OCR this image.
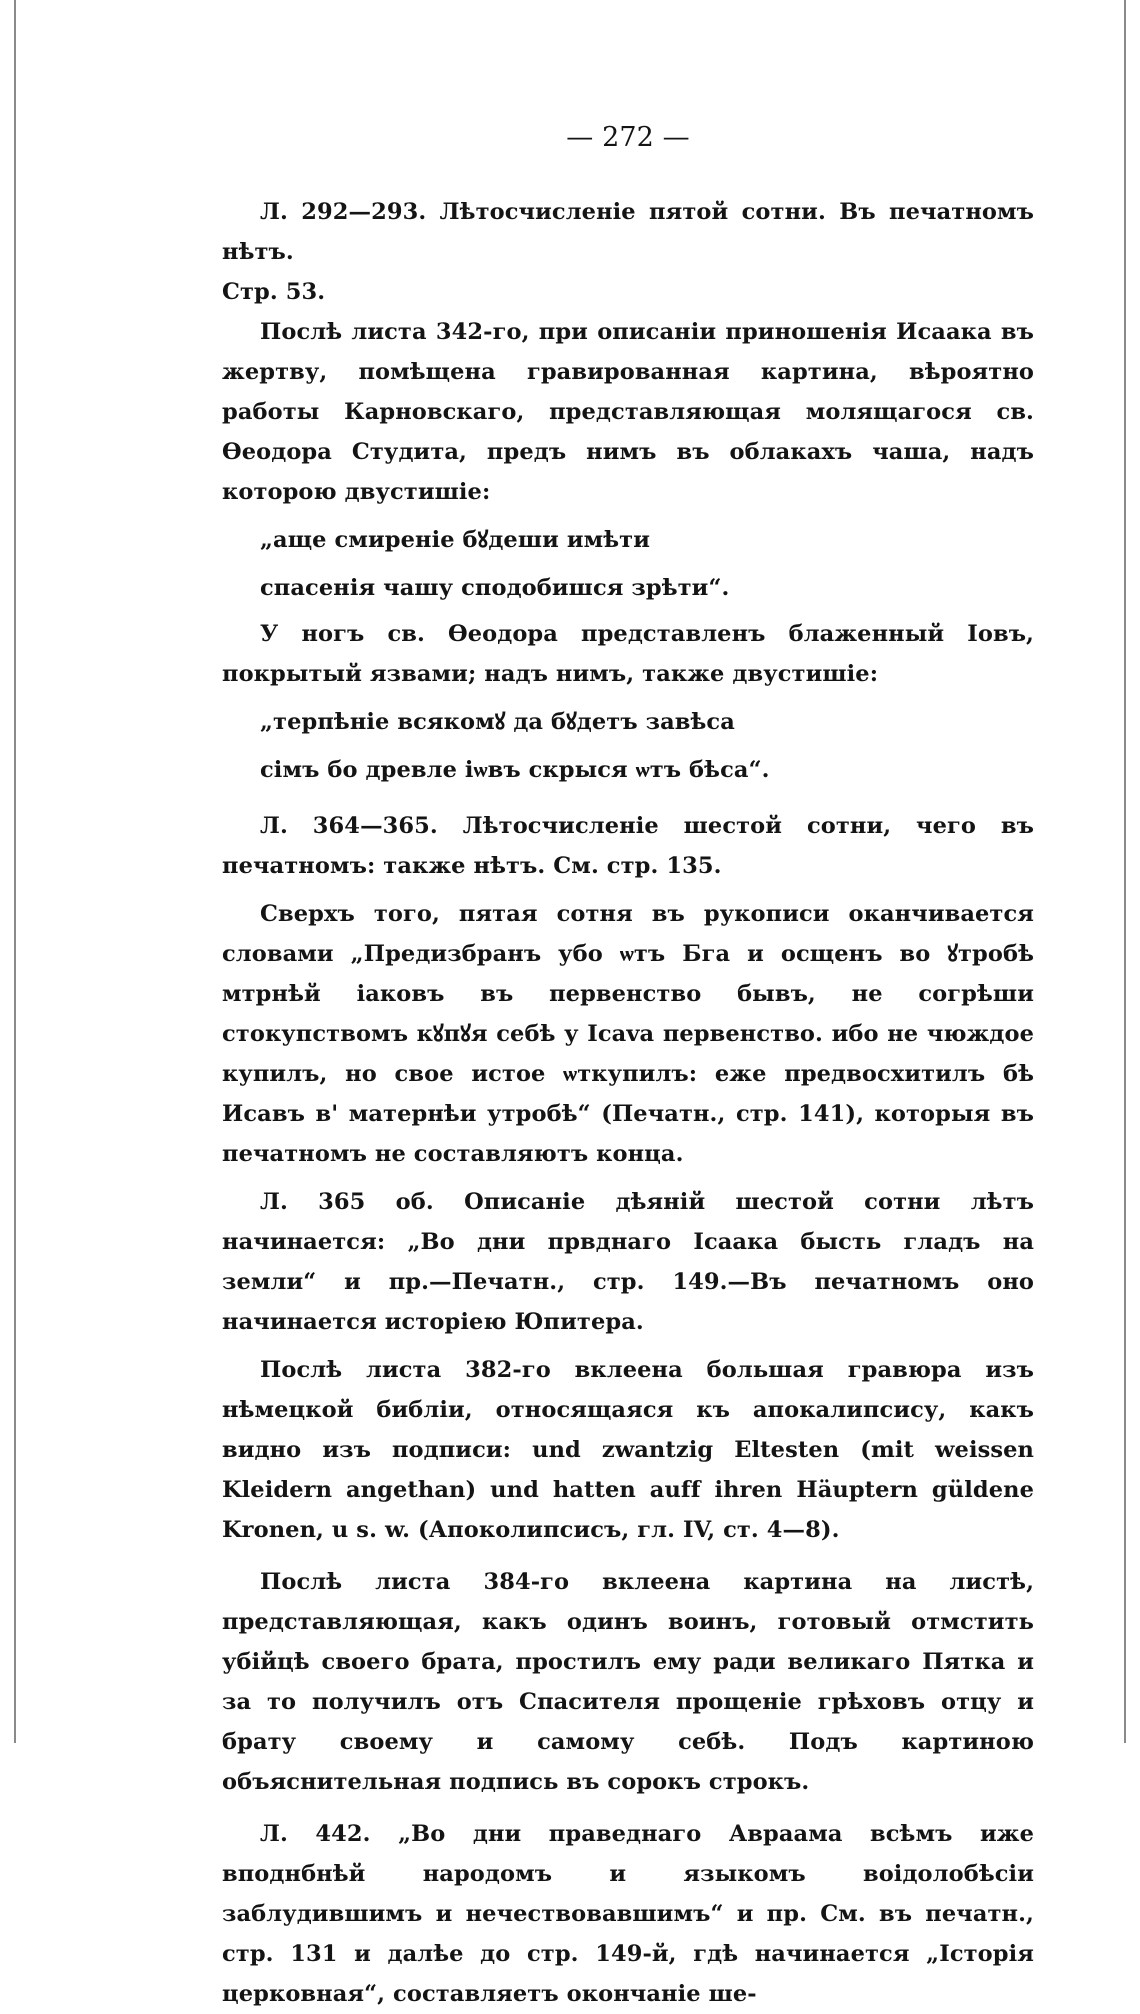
— 272 —

Л. 292—293. Лѣтосчисленіе пятой сотни. Въ печатномъ нѣтъ.

Стр. 53.

Послѣ листа 342-го, при описаніи приношенія Исаака въ жертву, помѣщена гравированная картина, вѣроятно работы Карновскаго, представляющая молящагося св. Ѳеодора Студита, предъ нимъ въ облакахъ чаша, надъ которою двустишіе:

„аще смиреніе бꙋдеши имѣти

спасенія чашу сподобишся зрѣти“.

У ногъ св. Ѳеодора представленъ блаженный Іовъ, покрытый язвами; надъ нимъ, также двустишіе:

„терпѣніе всякомꙋ да бꙋдетъ завѣса

сімъ бо древле іѡвъ скрыся ѡтъ бѣса“.

Л. 364—365. Лѣтосчисленіе шестой сотни, чего въ печатномъ: также нѣтъ. См. стр. 135.

Сверхъ того, пятая сотня въ рукописи оканчивается словами „Предизбранъ убо ѡтъ Бга и осщенъ во ꙋтробѣ мтрнѣй іаковъ въ первенство бывъ, не согрѣши стокупствомъ кꙋпꙋя себѣ у Ісаvа первенство. ибо не чюждое купилъ, но свое истое ѡткупилъ: еже предвосхитилъ бѣ Исавъ в' матернѣи утробѣ“ (Печатн., стр. 141), которыя въ печатномъ не составляютъ конца.

Л. 365 об. Описаніе дѣяній шестой сотни лѣтъ начинается: „Во дни првднаго Ісаака бысть гладъ на земли“ и пр.—Печатн., стр. 149.—Въ печатномъ оно начинается исторіею Юпитера.

Послѣ листа 382-го вклеена большая гравюра изъ нѣмецкой библіи, относящаяся къ апокалипсису, какъ видно изъ подписи: und zwantzig Eltesten (mit weissen Kleidern angethan) und hatten auff ihren Häuptern güldene Kronen, u s. w. (Апоколипсисъ, гл. IV, ст. 4—8).

Послѣ листа 384-го вклеена картина на листѣ, представляющая, какъ одинъ воинъ, готовый отмстить убійцѣ своего брата, простилъ ему ради великаго Пятка и за то получилъ отъ Спасителя прощеніе грѣховъ отцу и брату своему и самому себѣ. Подъ картиною объяснительная подпись въ сорокъ строкъ.

Л. 442. „Во дни праведнаго Авраама всѣмъ иже вподнбнѣй народомъ и языкомъ воідолобѣсіи заблудившимъ и нечествовавшимъ“ и пр. См. въ печатн., стр. 131 и далѣе до стр. 149-й, гдѣ начинается „Історія церковная“, составляетъ окончаніе ше-
